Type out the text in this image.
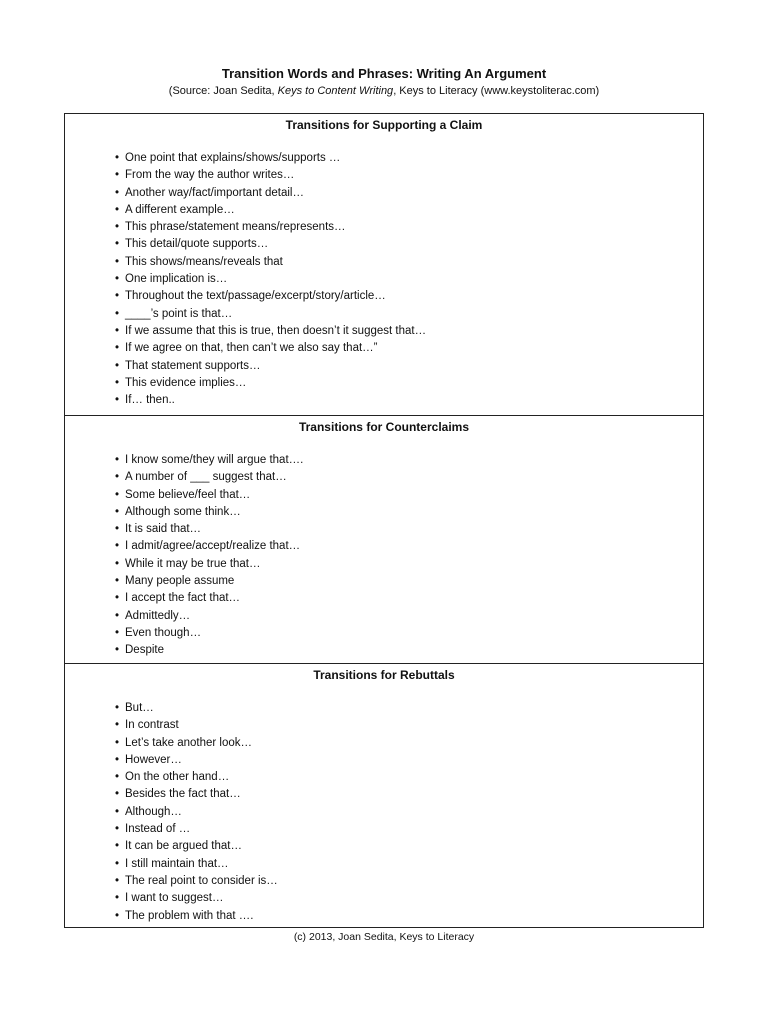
Transition Words and Phrases: Writing An Argument
(Source: Joan Sedita, Keys to Content Writing, Keys to Literacy (www.keystoliterac.com)
Transitions for Supporting a Claim
• One point that explains/shows/supports …
• From the way the author writes…
• Another way/fact/important detail…
• A different example…
• This phrase/statement means/represents…
• This detail/quote supports…
• This shows/means/reveals that
• One implication is…
• Throughout the text/passage/excerpt/story/article…
• ____’s point is that…
• If we assume that this is true, then doesn’t it suggest that…
• If we agree on that, then can’t we also say that…”
• That statement supports…
• This evidence implies…
• If… then..
Transitions for Counterclaims
• I know some/they will argue that….
• A number of ___ suggest that…
• Some believe/feel that…
• Although some think…
• It is said that…
• I admit/agree/accept/realize that…
• While it may be true that…
• Many people assume
• I accept the fact that…
• Admittedly…
• Even though…
• Despite
Transitions for Rebuttals
• But…
• In contrast
• Let’s take another look…
• However…
• On the other hand…
• Besides the fact that…
• Although…
• Instead of …
• It can be argued that…
• I still maintain that…
• The real point to consider is…
• I want to suggest…
• The problem with that ….
(c) 2013, Joan Sedita, Keys to Literacy
